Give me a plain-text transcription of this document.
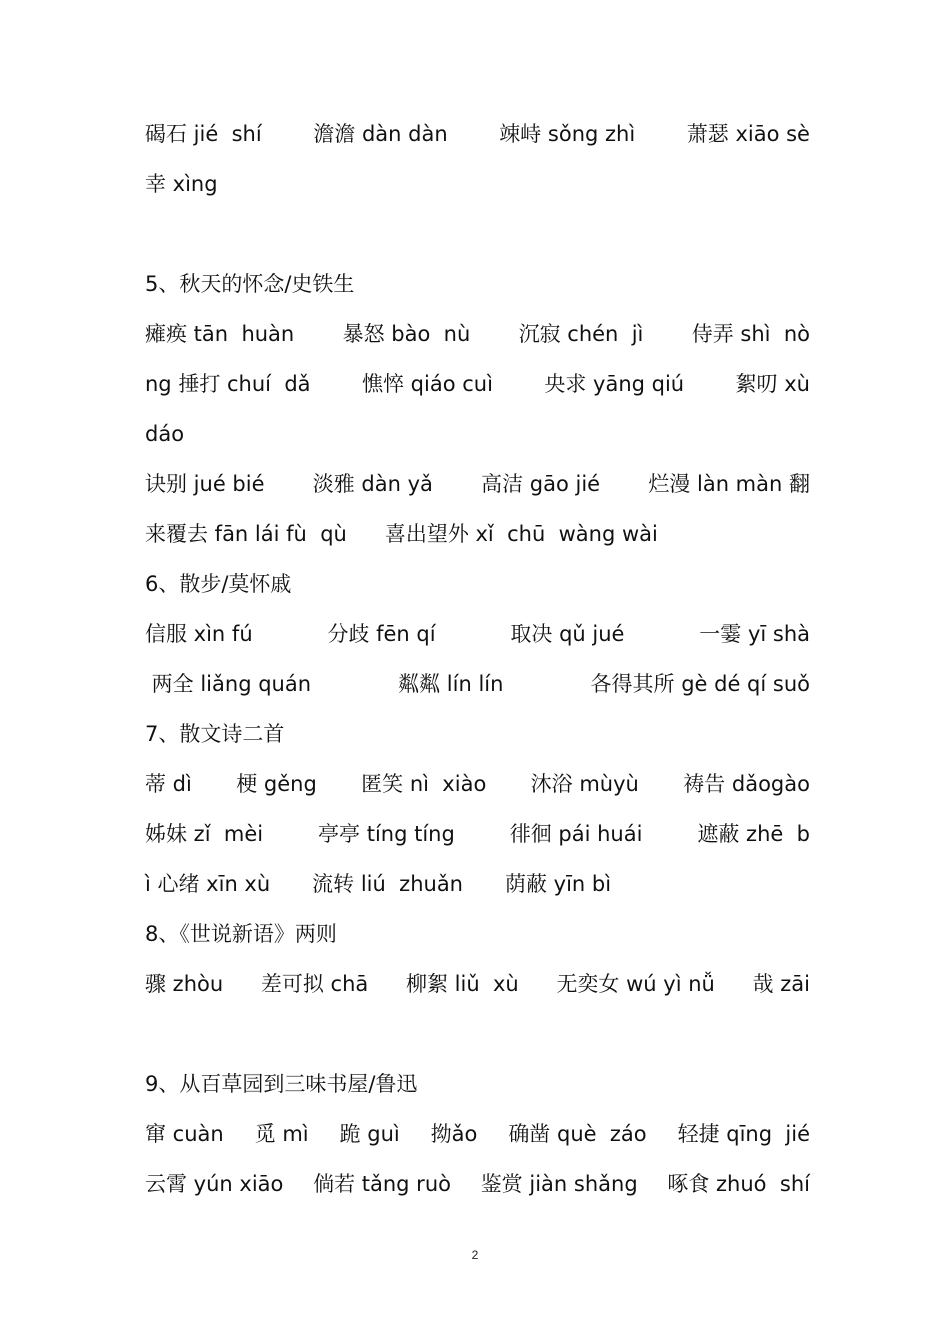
碣石 jié  shí 澹澹 dàn dàn 竦峙 sǒng zhì 萧瑟 xiāo sè
幸 xìng
5、秋天的怀念/史铁生
瘫痪 tān  huàn 暴怒 bào  nù 沉寂 chén  jì 侍弄 shì  nò
ng 捶打 chuí  dǎ 憔悴 qiáo cuì 央求 yāng qiú 絮叨 xù
dáo
诀别 jué bié 淡雅 dàn yǎ 高洁 gāo jié 烂漫 làn màn 翻
来覆去 fān lái fù  qù 喜出望外 xǐ  chū  wàng wài
6、散步/莫怀戚
信服 xìn fú	分歧 fēn qí	取决 qǔ jué	一霎 yī shà
两全 liǎng quán	粼粼 lín lín	各得其所 gè dé qí suǒ
7、散文诗二首
蒂 dì 梗 gěng 匿笑 nì  xiào 沐浴 mùyù 祷告 dǎogào
姊妹 zǐ  mèi	亭亭 tíng tíng	徘徊 pái huái	遮蔽 zhē  b
ì 心绪 xīn xù 流转 liú  zhuǎn 荫蔽 yīn bì
8、《世说新语》两则
骤 zhòu 差可拟 chā 柳絮 liǔ  xù 无奕女 wú yì nǚ 哉 zāi
9、从百草园到三味书屋/鲁迅
窜 cuàn 觅 mì 跪 guì 拗ǎo 确凿 què  záo 轻捷 qīng  jié
云霄 yún xiāo 倘若 tǎng ruò 鉴赏 jiàn shǎng 啄食 zhuó  shí
2
